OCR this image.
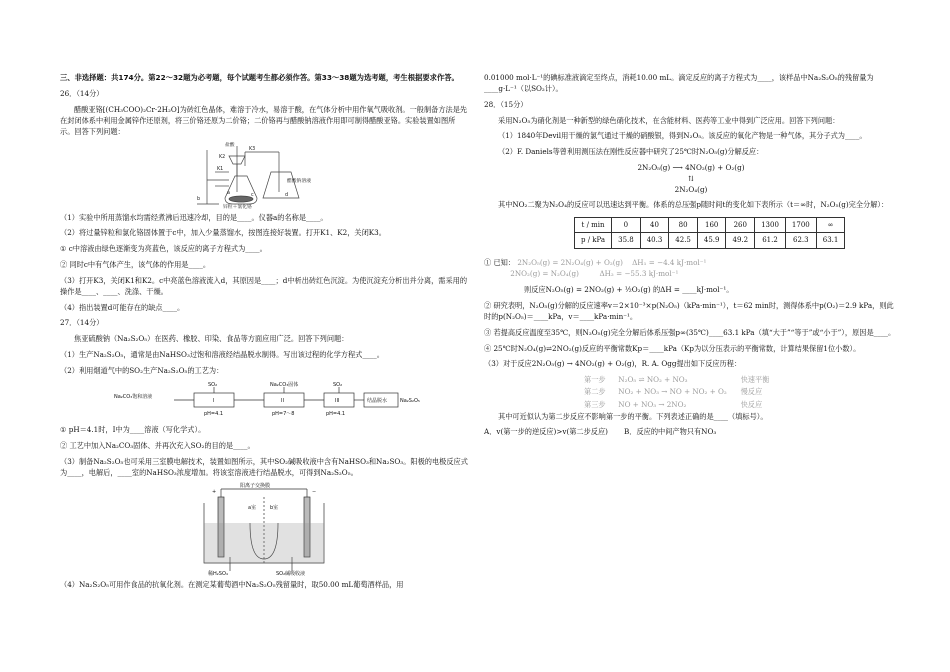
三、非选择题：共174分。第22～32题为必考题，每个试题考生都必须作答。第33～38题为选考题，考生根据要求作答。

26．（14分）

醋酸亚铬[(CH₃COO)₂Cr·2H₂O]为砖红色晶体，难溶于冷水，易溶于酸，在气体分析中用作氧气吸收剂。一般制备方法是先在封闭体系中利用金属锌作还原剂，将三价铬还原为二价铬；二价铬再与醋酸钠溶液作用即可制得醋酸亚铬。实验装置如图所示。回答下列问题：

盐酸
K3
K2
K1
a
b
c	d
锌粒＋氯化铬
醋酸钠溶液

（1）实验中所用蒸馏水均需经煮沸后迅速冷却，目的是____。仪器a的名称是____。

（2）将过量锌粒和氯化铬固体置于c中，加入少量蒸馏水，按图连接好装置。打开K1、K2，关闭K3。

① c中溶液由绿色逐渐变为亮蓝色，该反应的离子方程式为____。

② 同时c中有气体产生，该气体的作用是____。

（3）打开K3，关闭K1和K2。c中亮蓝色溶液流入d，其原因是____；d中析出砖红色沉淀。为使沉淀充分析出并分离，需采用的操作是____、____、洗涤、干燥。

（4）指出装置d可能存在的缺点____。

27．（14分）

焦亚硫酸钠（Na₂S₂O₅）在医药、橡胶、印染、食品等方面应用广泛。回答下列问题：

（1）生产Na₂S₂O₅，通常是由NaHSO₃过饱和溶液经结晶脱水制得。写出该过程的化学方程式____。

（2）利用烟道气中的SO₂生产Na₂S₂O₅的工艺为：

Na₂CO₃饱和溶液
SO₂
I
pH=4.1
Na₂CO₃固体
II
pH=7～8
SO₂
III
pH=4.1
结晶脱水	Na₂S₂O₅

① pH＝4.1时，I中为____溶液（写化学式）。

② 工艺中加入Na₂CO₃固体、并再次充入SO₂的目的是____。

（3）制备Na₂S₂O₅也可采用三室膜电解技术，装置如图所示，其中SO₂碱吸收液中含有NaHSO₃和Na₂SO₃。阳极的电极反应式为____，电解后，____室的NaHSO₃浓度增加。将该室溶液进行结晶脱水，可得到Na₂S₂O₅。

阳离子交换膜
a室	b室
+	−
稀H₂SO₄	SO₂碱吸收液

（4）Na₂S₂O₅可用作食品的抗氧化剂。在测定某葡萄酒中Na₂S₂O₅残留量时，取50.00 mL葡萄酒样品，用

0.01000 mol·L⁻¹的碘标准液滴定至终点，消耗10.00 mL。滴定反应的离子方程式为____，该样品中Na₂S₂O₅的残留量为____g·L⁻¹（以SO₂计）。

28．（15分）

采用N₂O₅为硝化剂是一种新型的绿色硝化技术，在含能材料、医药等工业中得到广泛应用。回答下列问题：

（1）1840年Devil用干燥的氯气通过干燥的硝酸银，得到N₂O₅。该反应的氧化产物是一种气体，其分子式为____。

（2）F. Daniels等曾利用测压法在刚性反应器中研究了25℃时N₂O₅(g)分解反应：

2N₂O₅(g) ⟶ 4NO₂(g) + O₂(g)
⇅
2N₂O₄(g)

其中NO₂二聚为N₂O₄的反应可以迅速达到平衡。体系的总压强p随时间t的变化如下表所示（t＝∞时，N₂O₅(g)完全分解）：

t / min	0	40	80	160	260	1300	1700	∞
p / kPa	35.8	40.3	42.5	45.9	49.2	61.2	62.3	63.1

① 已知： 2N₂O₅(g) = 2N₂O₄(g) + O₂(g) ΔH₁ = −4.4 kJ·mol⁻¹
2NO₂(g) = N₂O₄(g)	ΔH₂ = −55.3 kJ·mol⁻¹

则反应N₂O₅(g) = 2NO₂(g) + ½O₂(g) 的ΔH = ____kJ·mol⁻¹。

② 研究表明，N₂O₅(g)分解的反应速率v＝2×10⁻³×p(N₂O₅)（kPa·min⁻¹），t＝62 min时，测得体系中p(O₂)＝2.9 kPa，则此时的p(N₂O₅)＝____kPa，v＝____kPa·min⁻¹。

③ 若提高反应温度至35℃，则N₂O₅(g)完全分解后体系压强p∞(35℃)____63.1 kPa（填“大于”“等于”或“小于”），原因是____。

④ 25℃时N₂O₄(g)⇌2NO₂(g)反应的平衡常数Kp＝____kPa（Kp为以分压表示的平衡常数，计算结果保留1位小数）。

（3）对于反应2N₂O₅(g) → 4NO₂(g) + O₂(g)，R. A. Ogg提出如下反应历程：

第一步 N₂O₅ ⇌ NO₂ + NO₃	快速平衡
第二步 NO₂ + NO₃ → NO + NO₂ + O₂ 慢反应
第三步 NO + NO₃ → 2NO₂	快反应

其中可近似认为第二步反应不影响第一步的平衡。下列表述正确的是____（填标号）。

A．v(第一步的逆反应)>v(第二步反应) B．反应的中间产物只有NO₃
